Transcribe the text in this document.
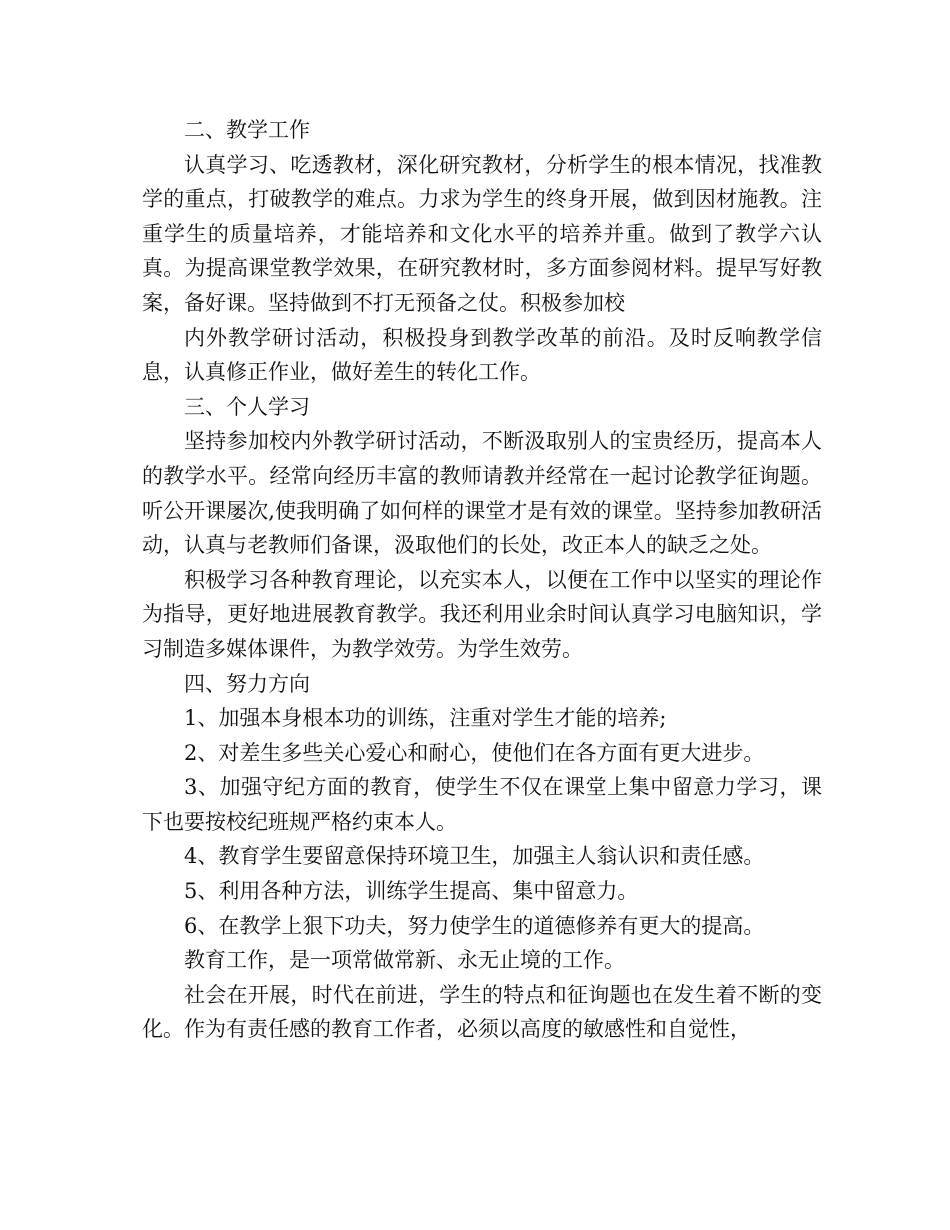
二、教学工作

认真学习、吃透教材，深化研究教材，分析学生的根本情况，找准教学的重点，打破教学的难点。力求为学生的终身开展，做到因材施教。注重学生的质量培养，才能培养和文化水平的培养并重。做到了教学六认真。为提高课堂教学效果，在研究教材时，多方面参阅材料。提早写好教案，备好课。坚持做到不打无预备之仗。积极参加校

内外教学研讨活动，积极投身到教学改革的前沿。及时反响教学信息，认真修正作业，做好差生的转化工作。

三、个人学习

坚持参加校内外教学研讨活动，不断汲取别人的宝贵经历，提高本人的教学水平。经常向经历丰富的教师请教并经常在一起讨论教学征询题。听公开课屡次,使我明确了如何样的课堂才是有效的课堂。坚持参加教研活动，认真与老教师们备课，汲取他们的长处，改正本人的缺乏之处。

积极学习各种教育理论，以充实本人，以便在工作中以坚实的理论作为指导，更好地进展教育教学。我还利用业余时间认真学习电脑知识，学习制造多媒体课件，为教学效劳。为学生效劳。

四、努力方向

1、加强本身根本功的训练，注重对学生才能的培养;

2、对差生多些关心爱心和耐心，使他们在各方面有更大进步。

3、加强守纪方面的教育，使学生不仅在课堂上集中留意力学习，课下也要按校纪班规严格约束本人。

4、教育学生要留意保持环境卫生，加强主人翁认识和责任感。

5、利用各种方法，训练学生提高、集中留意力。

6、在教学上狠下功夫，努力使学生的道德修养有更大的提高。

教育工作，是一项常做常新、永无止境的工作。

社会在开展，时代在前进，学生的特点和征询题也在发生着不断的变化。作为有责任感的教育工作者，必须以高度的敏感性和自觉性，
